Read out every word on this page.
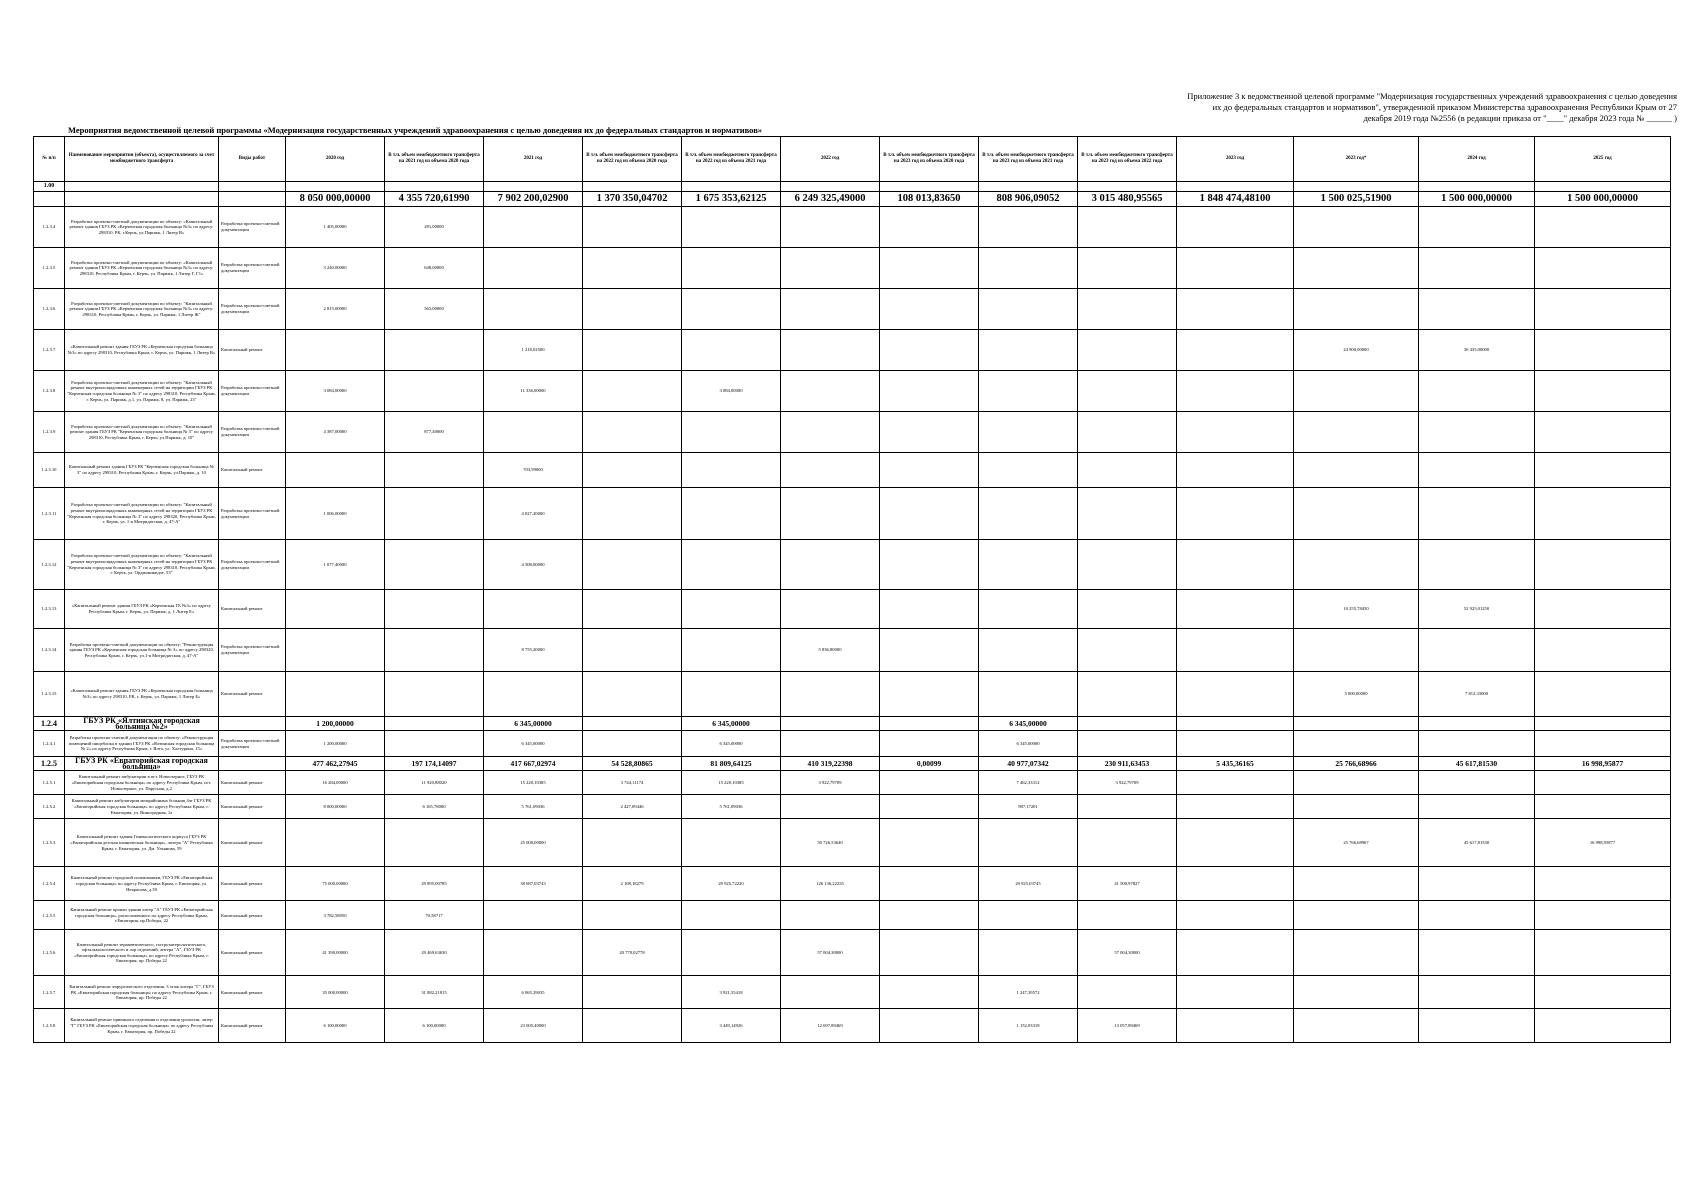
Приложение 3 к ведомственной целевой программе "Модернизация государственных учреждений здравоохранения с целью доведения
их до федеральных стандартов и нормативов", утвержденной приказом Министерства здравоохранения Республики Крым от 27
декабря 2019 года №2556 (в редакции приказа от "____" декабря 2023 года № ______ )
Мероприятия ведомственной целевой программы «Модернизация государственных учреждений здравоохранения с целью доведения их до федеральных стандартов и нормативов»
№ п/п	Наименование мероприятия (объекта), осуществляемого за счет межбюджетного трансферта	Виды работ	2020 год	В т.ч. объем межбюджетного трансферта на 2021 год из объема 2020 года	2021 год	В т.ч. объем межбюджетного трансферта на 2022 год из объема 2020 года	В т.ч. объем межбюджетного трансферта на 2022 год из объема 2021 года	2022 год	В т.ч. объем межбюджетного трансферта на 2023 год из объема 2020 года	В т.ч. объем межбюджетного трансферта на 2023 год из объема 2021 года	В т.ч. объем межбюджетного трансферта на 2023 год из объема 2022 года	2023 год	2023 год*	2024 год	2025 год
1.00															
			8 050 000,00000	4 355 720,61990	7 902 200,02900	1 370 350,04702	1 675 353,62125	6 249 325,49000	108 013,83650	808 906,09052	3 015 480,95565	1 848 474,48100	1 500 025,51900	1 500 000,00000	1 500 000,00000
1.2.3.4	Разработка проектно-сметной документации по объекту: «Капитальный ремонт здания ГБУЗ РК «Керченская городская больница №3» по адресу: 298310, РК, г.Керчь, ул.Парижк, 1 Литер В»	Разработка проектно-сметной документации	1 405,00000	281,00000											
1.2.3.5	Разработка проектно-сметной документации по объекту: «Капитальный ремонт здания ГБУЗ РК «Керченская городская больница №3» по адресу: 298310, Республика Крым, г. Керчь, ул. Парижк, 1 Литер Г, Г1»	Разработка проектно-сметной документации	3 240,00000	648,00000											
1.2.3.6	Разработка проектно-сметной документации по объекту: "Капитальный ремонт здания ГБУЗ РК «Керченская городская больница №3» по адресу: 298310, Республика Крым, г. Керчь, ул. Парижк, 1 Литер Ж"	Разработка проектно-сметной документации	2 815,00000	563,00000											
1.2.3.7	«Капитальный ремонт здания ГБУЗ РК «Керченская городская больница №3» по адресу 298310, Республика Крым, г. Керчь, ул. Парижк, 1 Литер В»	Капитальный ремонт			1 218,02500								24 900,00000	30 435,00000	
1.2.3.8	Разработка проектно-сметной документации по объекту: "Капитальный ремонт внутриплощадочных инженерных сетей на территории ГБУЗ РК "Керченская городская больница № 3" по адресу 298310, Республика Крым, г. Керчь, ул. Парижк, д.1, ул. Парижк, 8, ул. Парижк, 23"	Разработка проектно-сметной документации	3 084,00000		11 336,00000		3 084,00000								
1.2.3.9	Разработка проектно-сметной документации по объекту: "Капитальный ремонт здания ГБУЗ РК "Керченская городская больница № 3" по адресу 298310, Республика Крым, г. Керчь, ул.Парижк, д. 10"	Разработка проектно-сметной документации	4 387,00000	877,40000											
1.2.3.10	Капитальный ремонт здания ГБУЗ РК "Керченская городская больница № 3" по адресу 298310, Республика Крым, г. Керчь, ул.Парижк, д. 10	Капитальный ремонт			703,99000										
1.2.3.11	Разработка проектно-сметной документации по объекту: "Капитальный ремонт внутриплощадочных инженерных сетей на территории ГБУЗ РК "Керченская городская больница № 3" по адресу 298320, Республика Крым, г. Керчь, ул. 1-я Митридатская, д. 47-А"	Разработка проектно-сметной документации	1 006,00000		4 027,20000										
1.2.3.12	Разработка проектно-сметной документации по объекту: "Капитальный ремонт внутриплощадочных инженерных сетей на территории ГБУЗ РК "Керченская городская больница № 3" по адресу 298310, Республика Крым, г. Керчь, ул. Орджоникидзе, 53"	Разработка проектно-сметной документации	1 077,40000		4 308,00000										
1.2.3.13	«Капитальный ремонт здания ГБУЗ РК «Керченская ГБ №3» по адресу Республика Крым, г. Керчь, ул. Парижк, д. 1 Литер Е»	Капитальный ремонт											10 255,78450	52 925,01250	
1.2.3.14	Разработка проектно-сметной документации по объекту: "Реконструкция здания ГБУЗ РК «Керченская городская больница № 3» по адресу 298320, Республика Крым, г. Керчь, ул.1-я Митридатская, д. 47-А"	Разработка проектно-сметной документации			8 755,20000			5 836,80000							
1.2.3.15	«Капитальный ремонт здания ГБУЗ РК «Керченская городская больница №3» по адресу 298310, РК, г. Керчь, ул. Парижк, 1 Литер Б»	Капитальный ремонт											5 000,00000	7 812,33000	
1.2.4	ГБУЗ РК «Ялтинская городская больница №2»		1 200,00000		6 345,00000		6 345,00000			6 345,00000					
1.2.4.1	Разработка проектно-сметной документации по объекту: «Реконструкция помещений пищеблока в здании ГБУЗ РК «Ялтинская городская больница № 2» по адресу Республика Крым, г. Ялта, ул. Халтурина, 15»	Разработка проектно-сметной документации	1 200,00000		6 345,00000		6 345,00000			6 345,00000					
1.2.5	ГБУЗ РК «Евпаторийская городская больница»		477 462,27945	197 174,14097	417 667,02974	54 528,80865	81 809,64125	410 319,22398	0,00099	40 977,07342	230 911,63453	5 435,36165	25 766,68966	45 617,81530	16 998,95877
1.2.5.1	Капитальный ремонт амбулатории в пгт. Новоозерное, ГБУЗ РК «Евпаторийская городская больница» по адресу Республика Крым, пгт. Новоозерное, ул. Парусная, д.2	Капитальный ремонт	16 284,00000	11 920,88020	15 220,10385	3 744,11174	15 220,10385	3 922,79709		7 462,33312	3 922,79709				
1.2.5.2	Капитальный ремонт амбулатории межрайонных больниц 4эт ГБУЗ РК «Евпаторийская городская больница» по адресу Республика Крым, г. Евпатория, ул. Виноградная, 1а	Капитальный ремонт	8 000,00000	6 165,78000	5 761,09036	2 427,09446	5 761,09036			987,17201					
1.2.5.3	Капитальный ремонт здания Гинекологического корпуса ГБУЗ РК «Евпаторийская детская клиническая больница», литера "А" Республика Крым, г. Евпатория, ул. Дм. Ульянова, 59	Капитальный ремонт			25 000,00000			50 726,53640					25 766,68967	45 617,81530	16 998,95877
1.2.5.4	Капитальный ремонт городской поликлиники, ГБУЗ РК «Евпаторийская городская больница» по адресу Республика Крым, г. Евпатория, ул. Некрасова, д.39	Капитальный ремонт	75 000,00000	29 895,00785	38 687,03743	2 108,18279	29 925,72220	126 136,22255		29 925,03745	41 500,97827				
1.2.5.5	Капитальный ремонт кровли здания литер "А" ГБУЗ РК «Евпаторийская городская больница», расположенного по адресу Республика Крым, г.Евпатория, пр.Победы, 22	Капитальный ремонт	3 782,58050	70,58717											
1.2.5.6	Капитальный ремонт терапевтического, гастроэнтерологического, офтальмологического и лор отделений, литера "А", ГБУЗ РК «Евпаторийская городская больница» по адресу Республика Крым, г. Евпатория, пр. Победы 22	Капитальный ремонт	41 390,00000	29 469,63630		20 770,02778		57 004,30000			57 004,30000				
1.2.5.7	Капитальный ремонт хирургического отделения, 3 этаж литера "Г", ГБУЗ РК «Евпаторийская городская больница» по адресу Республика Крым, г. Евпатория, пр. Победы 22	Капитальный ремонт	35 000,00000	31 882,21815	6 065,29035		3 921,55418			1 247,39572					
1.2.5.8	Капитальный ремонт приемного отделения и отделения урологии, литер "Г" ГБУЗ РК «Евпаторийская городская больница» по адресу Республика Крым, г. Евпатория, пр. Победы 22	Капитальный ремонт	6 100,00000	6 100,00000	23 005,40000		3 449,14926	12 697,89469		1 152,03318	13 057,89469				
